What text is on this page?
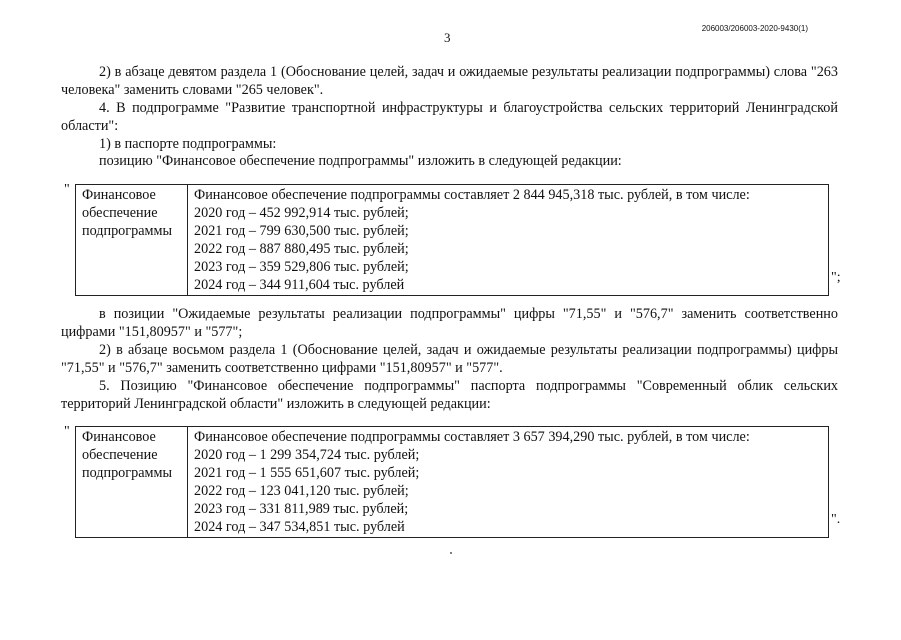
3
206003/206003-2020-9430(1)
2) в абзаце девятом раздела 1 (Обоснование целей, задач и ожидаемые результаты реализации подпрограммы) слова "263 человека" заменить словами "265 человек".
4. В подпрограмме "Развитие транспортной инфраструктуры и благоустройства сельских территорий Ленинградской области":
1) в паспорте подпрограммы:
позицию "Финансовое обеспечение подпрограммы" изложить в следующей редакции:
" Финансовое обеспечение подпрограммы
Финансовое обеспечение подпрограммы составляет 2 844 945,318 тыс. рублей, в том числе:
2020 год – 452 992,914 тыс. рублей;
2021 год – 799 630,500 тыс. рублей;
2022 год – 887 880,495 тыс. рублей;
2023 год – 359 529,806 тыс. рублей;
2024 год – 344 911,604 тыс. рублей	";
в позиции "Ожидаемые результаты реализации подпрограммы" цифры "71,55" и "576,7" заменить соответственно цифрами "151,80957" и "577";
2) в абзаце восьмом раздела 1 (Обоснование целей, задач и ожидаемые результаты реализации подпрограммы) цифры "71,55" и "576,7" заменить соответственно цифрами "151,80957" и "577".
5. Позицию "Финансовое обеспечение подпрограммы" паспорта подпрограммы "Современный облик сельских территорий Ленинградской области" изложить в следующей редакции:
" Финансовое обеспечение подпрограммы
Финансовое обеспечение подпрограммы составляет 3 657 394,290 тыс. рублей, в том числе:
2020 год – 1 299 354,724 тыс. рублей;
2021 год – 1 555 651,607 тыс. рублей;
2022 год – 123 041,120 тыс. рублей;
2023 год – 331 811,989 тыс. рублей;
2024 год – 347 534,851 тыс. рублей	".
